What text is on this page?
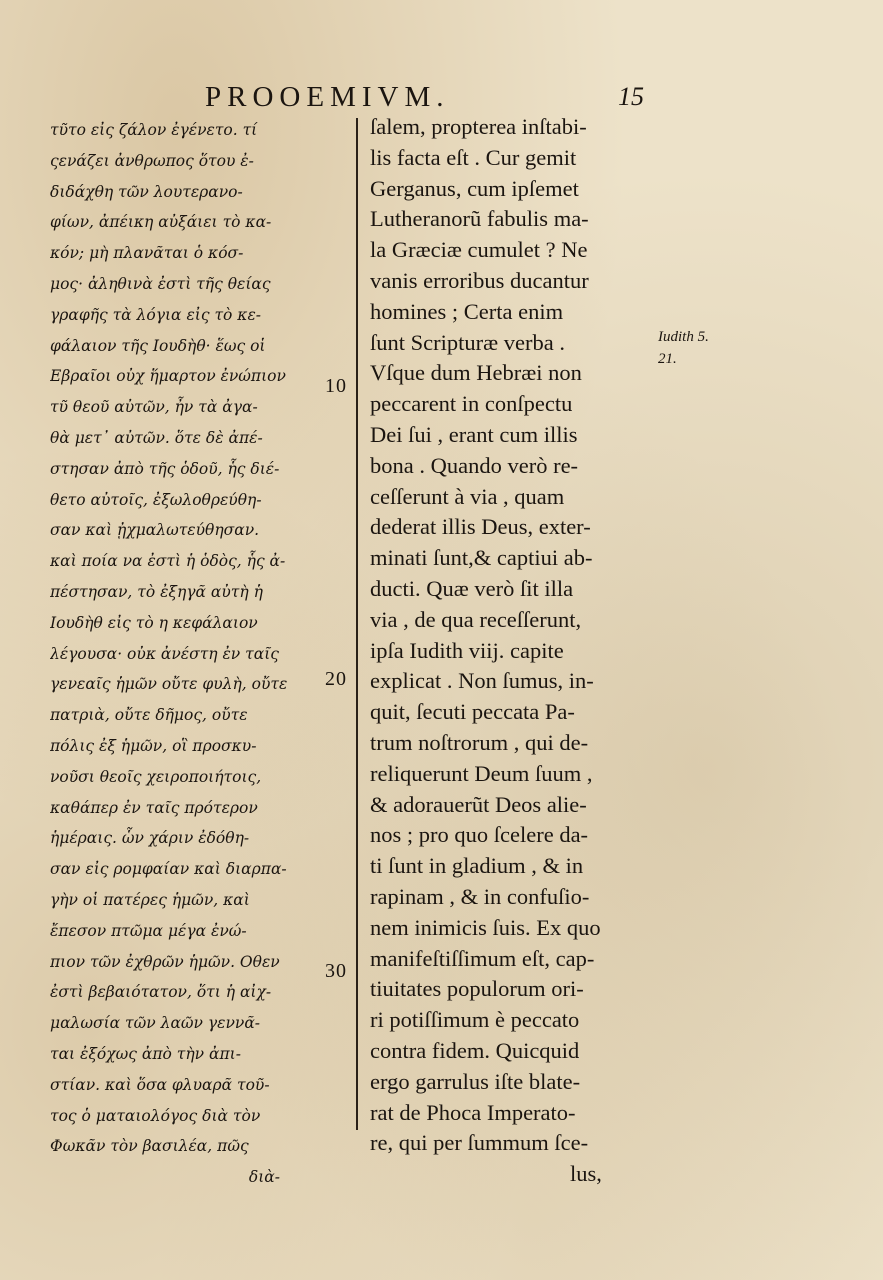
PROOEMIVM.	15
τῦτο εἰς ζάλον ἐγένετο. τί
ςενάζει ἀνθρωπος ὅτου ἐ-
διδάχθη τῶν λουτερανο-
φίων, ἀπέικη αὐξάιει τὸ κα-
κόν; μὴ πλανᾶται ὁ κόσ-
μος· ἀληθινὰ ἐστὶ τῆς θείας
γραφῆς τὰ λόγια εἰς τὸ κε-
φάλαιον τῆς Ιουδὴθ· ἕως οἱ
Εβραῖοι οὐχ ἥμαρτον ἐνώπιον
τῦ θεοῦ αὐτῶν, ἦν τὰ ἀγα-
θὰ μετ᾽ αὐτῶν. ὅτε δὲ ἀπέ-
στησαν ἀπὸ τῆς ὁδοῦ, ἧς διέ-
θετο αὐτοῖς, ἐξωλοθρεύθη-
σαν καὶ ᾐχμαλωτεύθησαν.
καὶ ποία να ἐστὶ ἡ ὁδὸς, ἧς ἀ-
πέστησαν, τὸ ἐξηγᾶ αὐτὴ ἡ
Ιουδὴθ εἰς τὸ η κεφάλαιον
λέγουσα· οὐκ ἀνέστη ἐν ταῖς
γενεαῖς ἡμῶν οὔτε φυλὴ, οὔτε
πατριὰ, οὔτε δῆμος, οὔτε
πόλις ἐξ ἡμῶν, οἳ προσκυ-
νοῦσι θεοῖς χειροποιήτοις,
καθάπερ ἐν ταῖς πρότερον
ἡμέραις. ὧν χάριν ἐδόθη-
σαν εἰς ρομφαίαν καὶ διαρπα-
γὴν οἱ πατέρες ἡμῶν, καὶ
ἔπεσον πτῶμα μέγα ἐνώ-
πιον τῶν ἐχθρῶν ἡμῶν. Οθεν
ἐστὶ βεβαιότατον, ὅτι ἡ αἰχ-
μαλωσία τῶν λαῶν γεννᾶ-
ται ἐξόχως ἀπὸ τὴν ἀπι-
στίαν. καὶ ὅσα φλυαρᾶ τοῦ-
τος ὁ ματαιολόγος διὰ τὸν
Φωκᾶν τὸν βασιλέα, πῶς
διὰ-
10
20
30
ſalem, propterea inſtabi-
lis facta eſt . Cur gemit
Gerganus, cum ipſemet
Lutheranorũ fabulis ma-
la Græciæ cumulet ? Ne
vanis erroribus ducantur
homines ; Certa enim
ſunt Scripturæ verba .
Vſque dum Hebræi non
peccarent in conſpectu
Dei ſui , erant cum illis
bona . Quando verò re-
ceſſerunt à via , quam
dederat illis Deus, exter-
minati ſunt,& captiui ab-
ducti. Quæ verò ſit illa
via , de qua receſſerunt,
ipſa Iudith viij. capite
explicat . Non ſumus, in-
quit, ſecuti peccata Pa-
trum noſtrorum , qui de-
reliquerunt Deum ſuum ,
& adorauerũt Deos alie-
nos ; pro quo ſcelere da-
ti ſunt in gladium , & in
rapinam , & in confuſio-
nem inimicis ſuis. Ex quo
manifeſtiſſimum eſt, cap-
tiuitates populorum ori-
ri potiſſimum è peccato
contra fidem. Quicquid
ergo garrulus iſte blate-
rat de Phoca Imperato-
re, qui per ſummum ſce-
lus,
Iudith 5.
21.
